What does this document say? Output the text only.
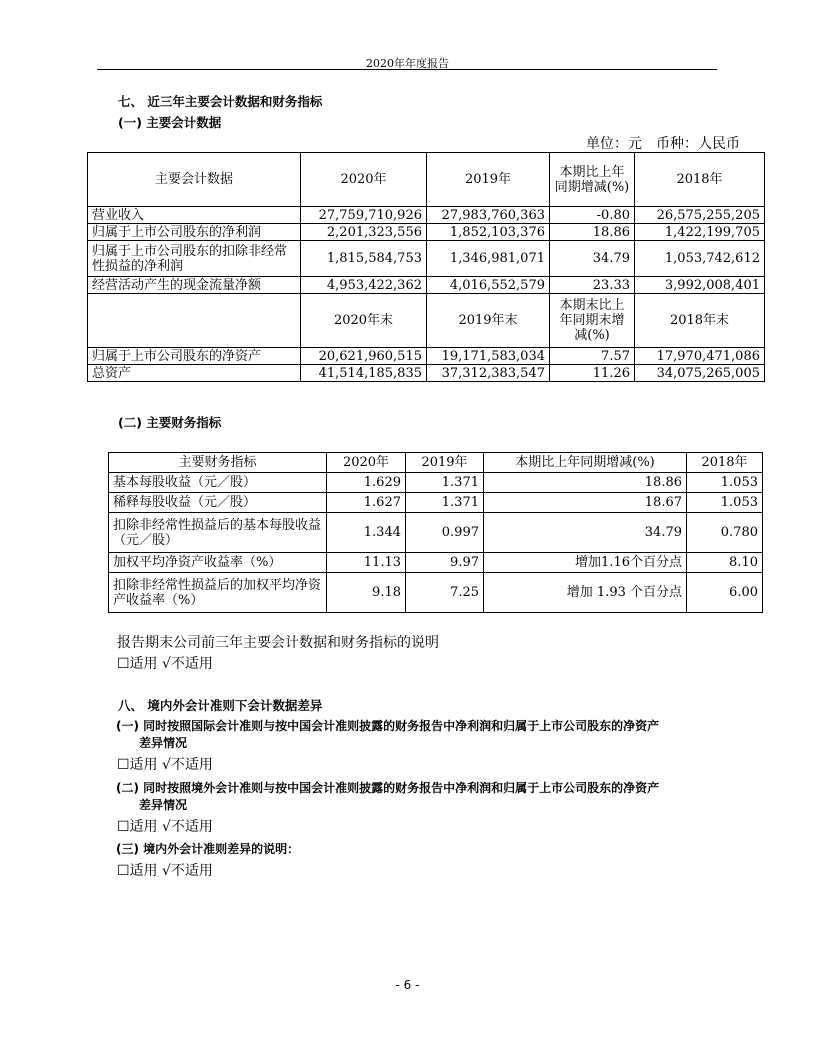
2020年年度报告
七、 近三年主要会计数据和财务指标
(一) 主要会计数据
单位：元　币种：人民币
主要会计数据	2020年	2019年	本期比上年同期增减(%)	2018年
营业收入	27,759,710,926	27,983,760,363	-0.80	26,575,255,205
归属于上市公司股东的净利润	2,201,323,556	1,852,103,376	18.86	1,422,199,705
归属于上市公司股东的扣除非经常性损益的净利润	1,815,584,753	1,346,981,071	34.79	1,053,742,612
经营活动产生的现金流量净额	4,953,422,362	4,016,552,579	23.33	3,992,008,401
	2020年末	2019年末	本期末比上年同期末增减(%)	2018年末
归属于上市公司股东的净资产	20,621,960,515	19,171,583,034	7.57	17,970,471,086
总资产	41,514,185,835	37,312,383,547	11.26	34,075,265,005
(二) 主要财务指标
主要财务指标	2020年	2019年	本期比上年同期增减(%)	2018年
基本每股收益（元／股）	1.629	1.371	18.86	1.053
稀释每股收益（元／股）	1.627	1.371	18.67	1.053
扣除非经常性损益后的基本每股收益（元／股）	1.344	0.997	34.79	0.780
加权平均净资产收益率（%）	11.13	9.97	增加1.16个百分点	8.10
扣除非经常性损益后的加权平均净资产收益率（%）	9.18	7.25	增加 1.93 个百分点	6.00
报告期末公司前三年主要会计数据和财务指标的说明
☐适用 √不适用
八、 境内外会计准则下会计数据差异
(一) 同时按照国际会计准则与按中国会计准则披露的财务报告中净利润和归属于上市公司股东的净资产
差异情况
☐适用 √不适用
(二) 同时按照境外会计准则与按中国会计准则披露的财务报告中净利润和归属于上市公司股东的净资产
差异情况
☐适用 √不适用
(三) 境内外会计准则差异的说明：
☐适用 √不适用
- 6 -
